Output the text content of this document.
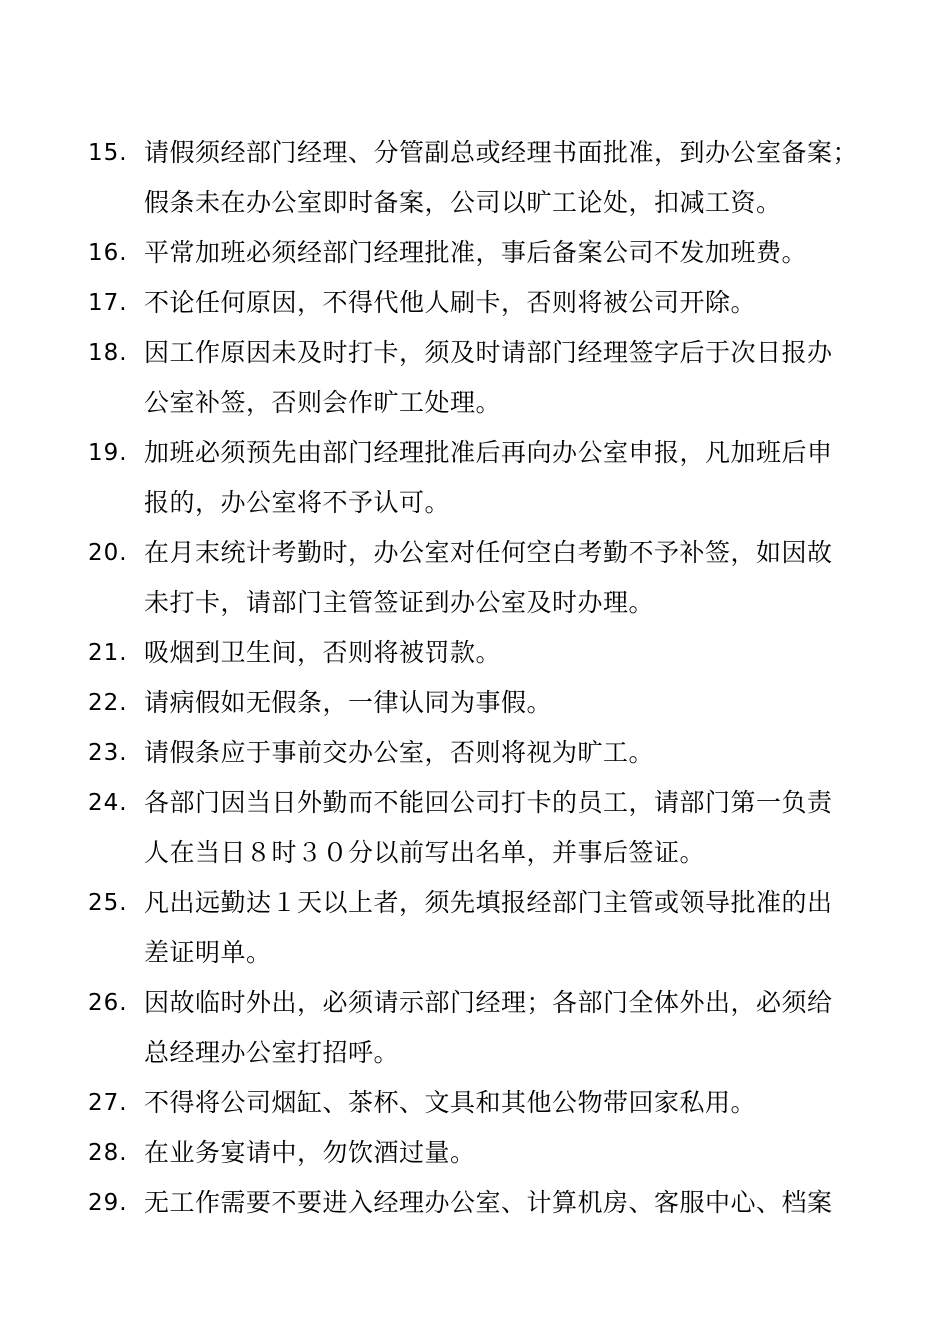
15. 请假须经部门经理、分管副总或经理书面批准，到办公室备案；
假条未在办公室即时备案，公司以旷工论处，扣减工资。
16. 平常加班必须经部门经理批准，事后备案公司不发加班费。
17. 不论任何原因，不得代他人刷卡，否则将被公司开除。
18. 因工作原因未及时打卡，须及时请部门经理签字后于次日报办
公室补签，否则会作旷工处理。
19. 加班必须预先由部门经理批准后再向办公室申报，凡加班后申
报的，办公室将不予认可。
20. 在月末统计考勤时，办公室对任何空白考勤不予补签，如因故
未打卡，请部门主管签证到办公室及时办理。
21. 吸烟到卫生间，否则将被罚款。
22. 请病假如无假条，一律认同为事假。
23. 请假条应于事前交办公室，否则将视为旷工。
24. 各部门因当日外勤而不能回公司打卡的员工，请部门第一负责
人在当日８时３０分以前写出名单，并事后签证。
25. 凡出远勤达１天以上者，须先填报经部门主管或领导批准的出
差证明单。
26. 因故临时外出，必须请示部门经理；各部门全体外出，必须给
总经理办公室打招呼。
27. 不得将公司烟缸、茶杯、文具和其他公物带回家私用。
28. 在业务宴请中，勿饮酒过量。
29. 无工作需要不要进入经理办公室、计算机房、客服中心、档案
